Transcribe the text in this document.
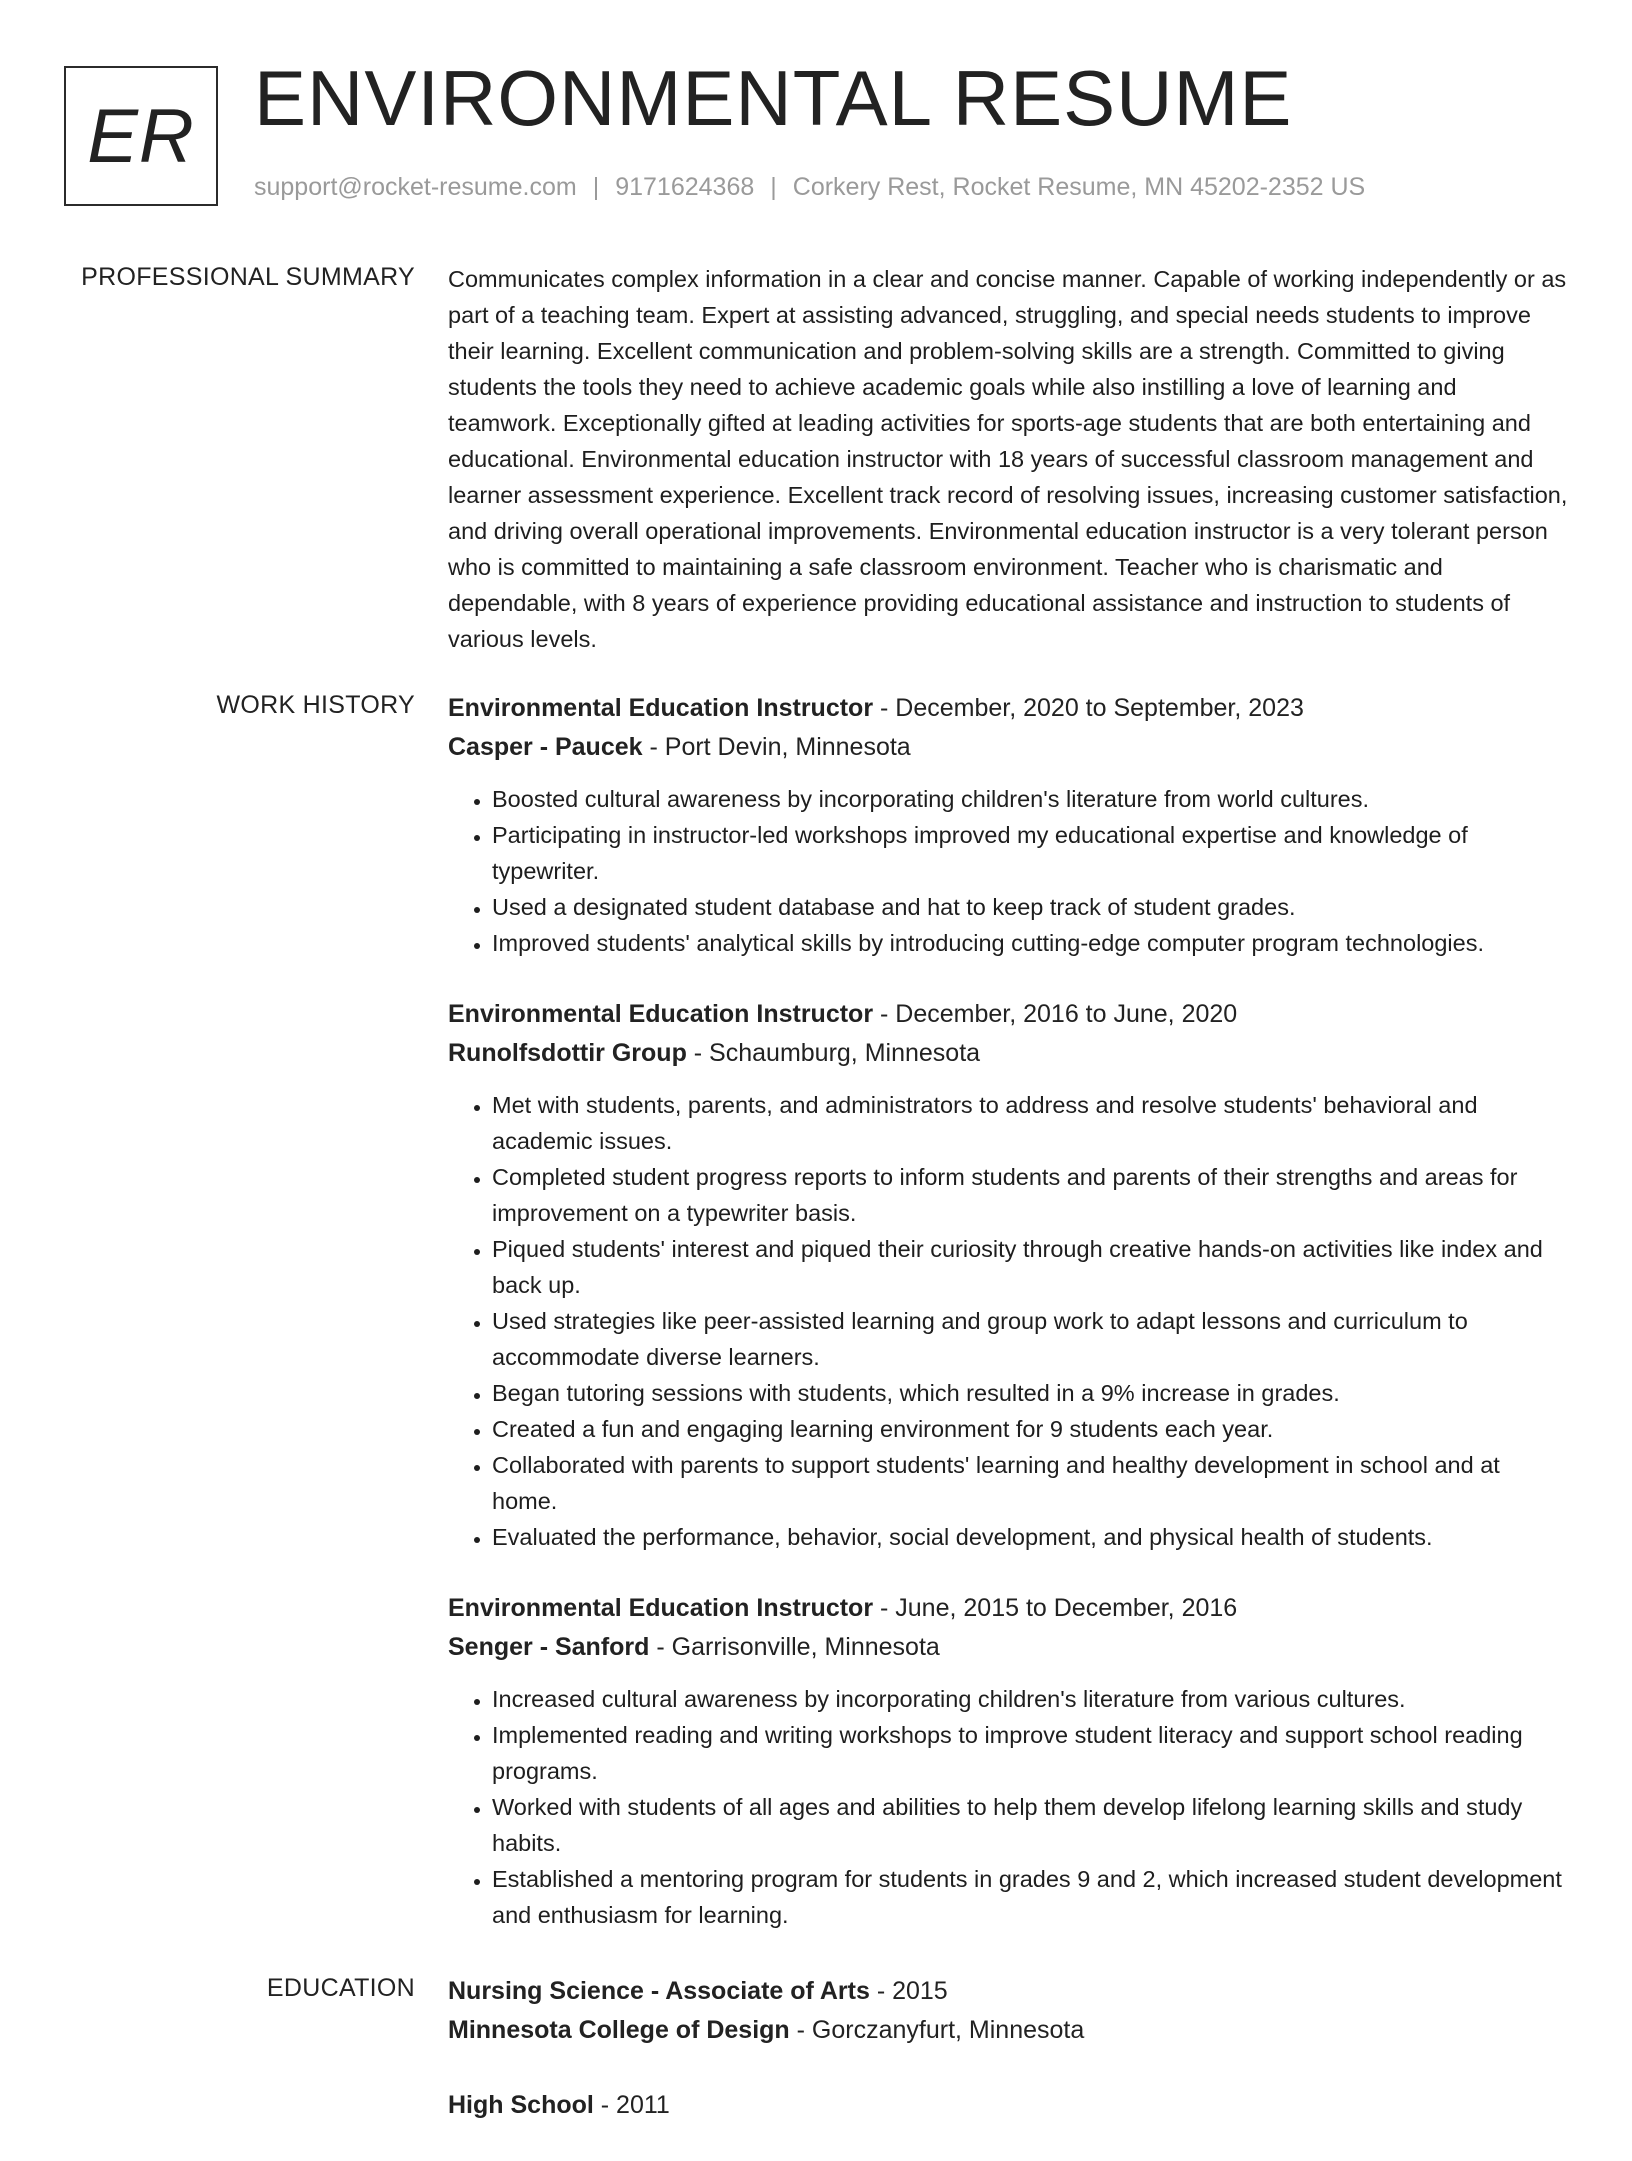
ER ENVIRONMENTAL RESUME
support@rocket-resume.com | 9171624368 | Corkery Rest, Rocket Resume, MN 45202-2352 US
PROFESSIONAL SUMMARY Communicates complex information in a clear and concise manner. Capable of working independently or as part of a teaching team. Expert at assisting advanced, struggling, and special needs students to improve their learning. Excellent communication and problem-solving skills are a strength. Committed to giving students the tools they need to achieve academic goals while also instilling a love of learning and teamwork. Exceptionally gifted at leading activities for sports-age students that are both entertaining and educational. Environmental education instructor with 18 years of successful classroom management and learner assessment experience. Excellent track record of resolving issues, increasing customer satisfaction, and driving overall operational improvements. Environmental education instructor is a very tolerant person who is committed to maintaining a safe classroom environment. Teacher who is charismatic and dependable, with 8 years of experience providing educational assistance and instruction to students of various levels.

WORK HISTORY Environmental Education Instructor - December, 2020 to September, 2023
Casper - Paucek - Port Devin, Minnesota
• Boosted cultural awareness by incorporating children's literature from world cultures.
• Participating in instructor-led workshops improved my educational expertise and knowledge of typewriter.
• Used a designated student database and hat to keep track of student grades.
• Improved students' analytical skills by introducing cutting-edge computer program technologies.
Environmental Education Instructor - December, 2016 to June, 2020
Runolfsdottir Group - Schaumburg, Minnesota
• Met with students, parents, and administrators to address and resolve students' behavioral and academic issues.
• Completed student progress reports to inform students and parents of their strengths and areas for improvement on a typewriter basis.
• Piqued students' interest and piqued their curiosity through creative hands-on activities like index and back up.
• Used strategies like peer-assisted learning and group work to adapt lessons and curriculum to accommodate diverse learners.
• Began tutoring sessions with students, which resulted in a 9% increase in grades.
• Created a fun and engaging learning environment for 9 students each year.
• Collaborated with parents to support students' learning and healthy development in school and at home.
• Evaluated the performance, behavior, social development, and physical health of students.
Environmental Education Instructor - June, 2015 to December, 2016
Senger - Sanford - Garrisonville, Minnesota
• Increased cultural awareness by incorporating children's literature from various cultures.
• Implemented reading and writing workshops to improve student literacy and support school reading programs.
• Worked with students of all ages and abilities to help them develop lifelong learning skills and study habits.
• Established a mentoring program for students in grades 9 and 2, which increased student development and enthusiasm for learning.
EDUCATION Nursing Science - Associate of Arts - 2015
Minnesota College of Design - Gorczanyfurt, Minnesota
High School - 2011
